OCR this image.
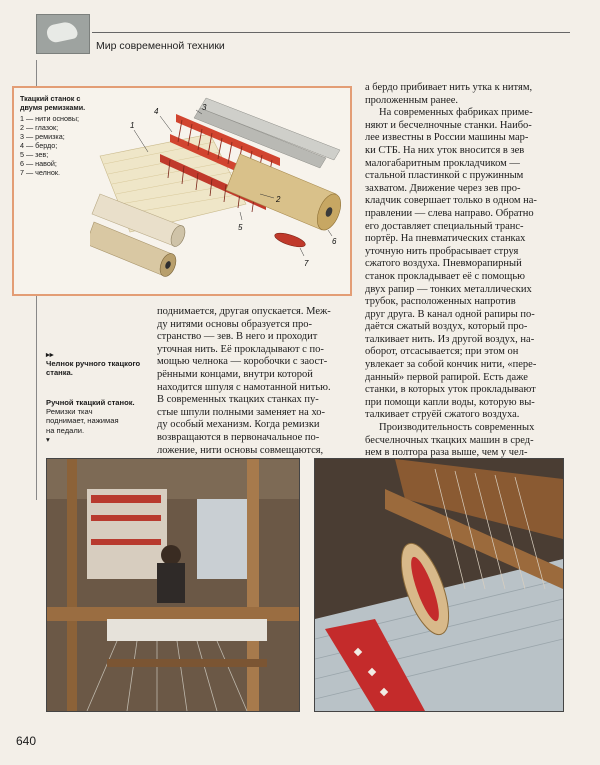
Мир современной техники
Ткацкий станок с двумя ремизками.
1 — нити основы;
2 — глазок;
3 — ремизка;
4 — бердо;
5 — зев;
6 — навой;
7 — челнок.
1
2
3
4
5
6
7
▸▸
Челнок ручного ткацкого станка.
Ручной ткацкий станок.
Ремизки ткач
поднимает, нажимая
на педали.
▾
поднимается, другая опускается. Меж-
ду нитями основы образуется про-
странство — зев. В него и проходит
уточная нить. Её прокладывают с по-
мощью челнока — коробочки с заост-
рёнными концами, внутри которой
находится шпуля с намотанной нитью.
В современных ткацких станках пу-
стые шпули полными заменяет на хо-
ду особый механизм. Когда ремизки
возвращаются в первоначальное по-
ложение, нити основы совмещаются,
а бердо прибивает нить утка к нитям,
проложенным ранее.
На современных фабриках приме-
няют и бесчелночные станки. Наибо-
лее известны в России машины мар-
ки СТБ. На них уток вносится в зев
малогабаритным прокладчиком —
стальной пластинкой с пружинным
захватом. Движение через зев про-
кладчик совершает только в одном на-
правлении — слева направо. Обратно
его доставляет специальный транс-
портёр. На пневматических станках
уточную нить пробрасывает струя
сжатого воздуха. Пневморапирный
станок прокладывает её с помощью
двух рапир — тонких металлических
трубок, расположенных напротив
друг друга. В канал одной рапиры по-
даётся сжатый воздух, который про-
талкивает нить. Из другой воздух, на-
оборот, отсасывается; при этом он
увлекает за собой кончик нити, «пере-
данный» первой рапирой. Есть даже
станки, в которых уток прокладывают
при помощи капли воды, которую вы-
талкивает струёй сжатого воздуха.
Производительность современных
бесчелночных ткацких машин в сред-
нем в полтора раза выше, чем у чел-
640
